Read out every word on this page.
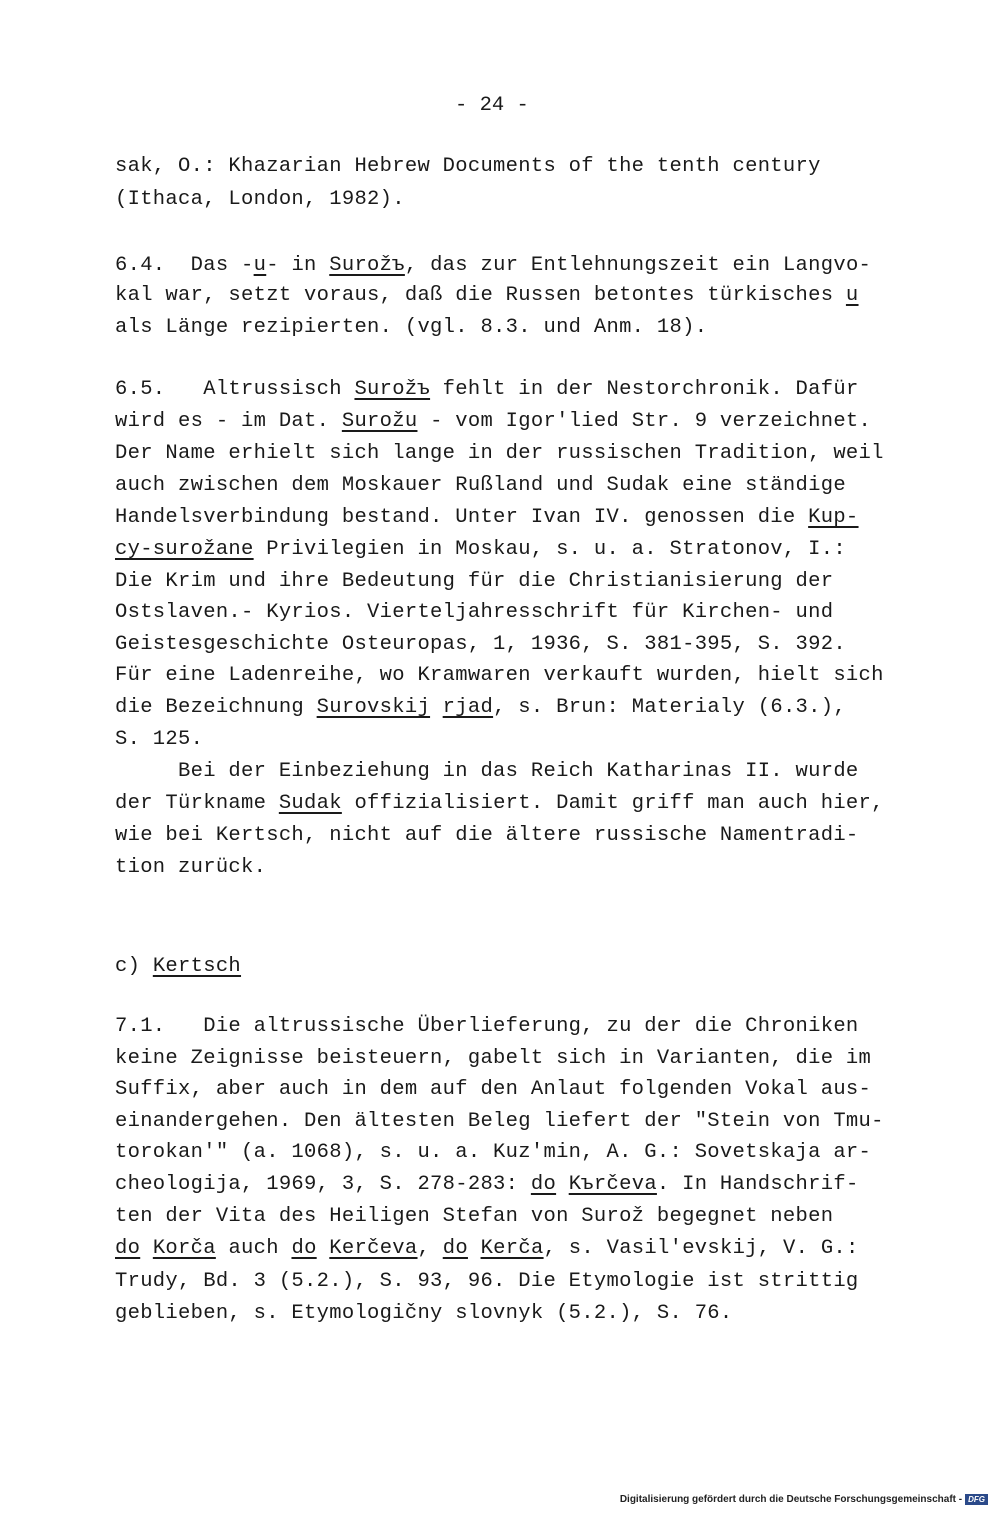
- 24 -
sak, O.: Khazarian Hebrew Documents of the tenth century
(Ithaca, London, 1982).
6.4.  Das -u- in Surožъ, das zur Entlehnungszeit ein Langvo-
kal war, setzt voraus, daß die Russen betontes türkisches u
als Länge rezipierten. (vgl. 8.3. und Anm. 18).
6.5.   Altrussisch Surožъ fehlt in der Nestorchronik. Dafür
wird es - im Dat. Surožu - vom Igor'lied Str. 9 verzeichnet.
Der Name erhielt sich lange in der russischen Tradition, weil
auch zwischen dem Moskauer Rußland und Sudak eine ständige
Handelsverbindung bestand. Unter Ivan IV. genossen die Kup-
cy-surožane Privilegien in Moskau, s. u. a. Stratonov, I.:
Die Krim und ihre Bedeutung für die Christianisierung der
Ostslaven.- Kyrios. Vierteljahresschrift für Kirchen- und
Geistesgeschichte Osteuropas, 1, 1936, S. 381-395, S. 392.
Für eine Ladenreihe, wo Kramwaren verkauft wurden, hielt sich
die Bezeichnung Surovskij rjad, s. Brun: Materialy (6.3.),
S. 125.
Bei der Einbeziehung in das Reich Katharinas II. wurde
der Türkname Sudak offizialisiert. Damit griff man auch hier,
wie bei Kertsch, nicht auf die ältere russische Namentradi-
tion zurück.
c) Kertsch
7.1.   Die altrussische Überlieferung, zu der die Chroniken
keine Zeignisse beisteuern, gabelt sich in Varianten, die im
Suffix, aber auch in dem auf den Anlaut folgenden Vokal aus-
einandergehen. Den ältesten Beleg liefert der "Stein von Tmu-
torokan'" (a. 1068), s. u. a. Kuz'min, A. G.: Sovetskaja ar-
cheologija, 1969, 3, S. 278-283: do Kъrčeva. In Handschrif-
ten der Vita des Heiligen Stefan von Surož begegnet neben
do Korča auch do Kerčeva, do Kerča, s. Vasil'evskij, V. G.:
Trudy, Bd. 3 (5.2.), S. 93, 96. Die Etymologie ist strittig
geblieben, s. Etymologičny slovnyk (5.2.), S. 76.
Digitalisierung gefördert durch die Deutsche Forschungsgemeinschaft - DFG
